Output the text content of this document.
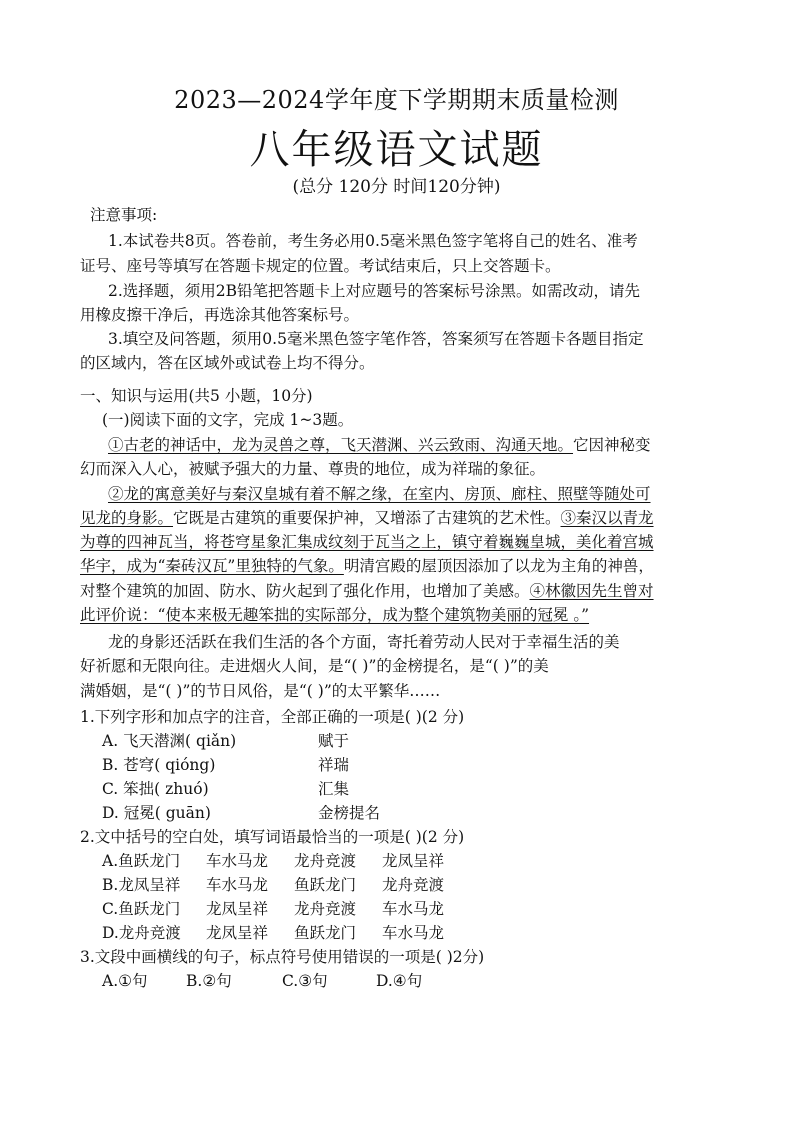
2023—2024学年度下学期期末质量检测
八年级语文试题
(总分 120分 时间120分钟)
注意事项:
1.本试卷共8页。答卷前，考生务必用0.5毫米黑色签字笔将自己的姓名、准考
证号、座号等填写在答题卡规定的位置。考试结束后，只上交答题卡。
2.选择题，须用2B铅笔把答题卡上对应题号的答案标号涂黑。如需改动，请先
用橡皮擦干净后，再选涂其他答案标号。
3.填空及问答题，须用0.5毫米黑色签字笔作答，答案须写在答题卡各题目指定
的区域内，答在区域外或试卷上均不得分。
一、知识与运用(共5 小题，10分)
(一)阅读下面的文字，完成 1~3题。
①古老的神话中，龙为灵兽之尊，飞天潜渊、兴云致雨、沟通天地。它因神秘变
幻而深入人心，被赋予强大的力量、尊贵的地位，成为祥瑞的象征。
②龙的寓意美好与秦汉皇城有着不解之缘，在室内、房顶、廊柱、照壁等随处可
见龙的身影。它既是古建筑的重要保护神，又增添了古建筑的艺术性。③秦汉以青龙
为尊的四神瓦当，将苍穹星象汇集成纹刻于瓦当之上，镇守着巍巍皇城，美化着宫城
华宇，成为“秦砖汉瓦”里独特的气象。明清宫殿的屋顶因添加了以龙为主角的神兽，
对整个建筑的加固、防水、防火起到了强化作用，也增加了美感。④林徽因先生曾对
此评价说：“使本来极无趣笨拙的实际部分，成为整个建筑物美丽的冠冕 。”
龙的身影还活跃在我们生活的各个方面，寄托着劳动人民对于幸福生活的美
好祈愿和无限向往。走进烟火人间，是“( )”的金榜提名，是“( )”的美
满婚姻，是“( )”的节日风俗，是“( )”的太平繁华……
1.下列字形和加点字的注音，全部正确的一项是( )(2 分)
A. 飞天潜渊( qiǎn)	赋于
B. 苍穹( qióng)	祥瑞
C. 笨拙( zhuó)	汇集
D. 冠冕( guān)	金榜提名
2.文中括号的空白处，填写词语最恰当的一项是( )(2 分)
A.鱼跃龙门 车水马龙 龙舟竞渡 龙凤呈祥
B.龙凤呈祥 车水马龙 鱼跃龙门 龙舟竞渡
C.鱼跃龙门 龙凤呈祥 龙舟竞渡 车水马龙
D.龙舟竞渡 龙凤呈祥 鱼跃龙门 车水马龙
3.文段中画横线的句子，标点符号使用错误的一项是( )2分)
A.①句 B.②句	C.③句	D.④句
